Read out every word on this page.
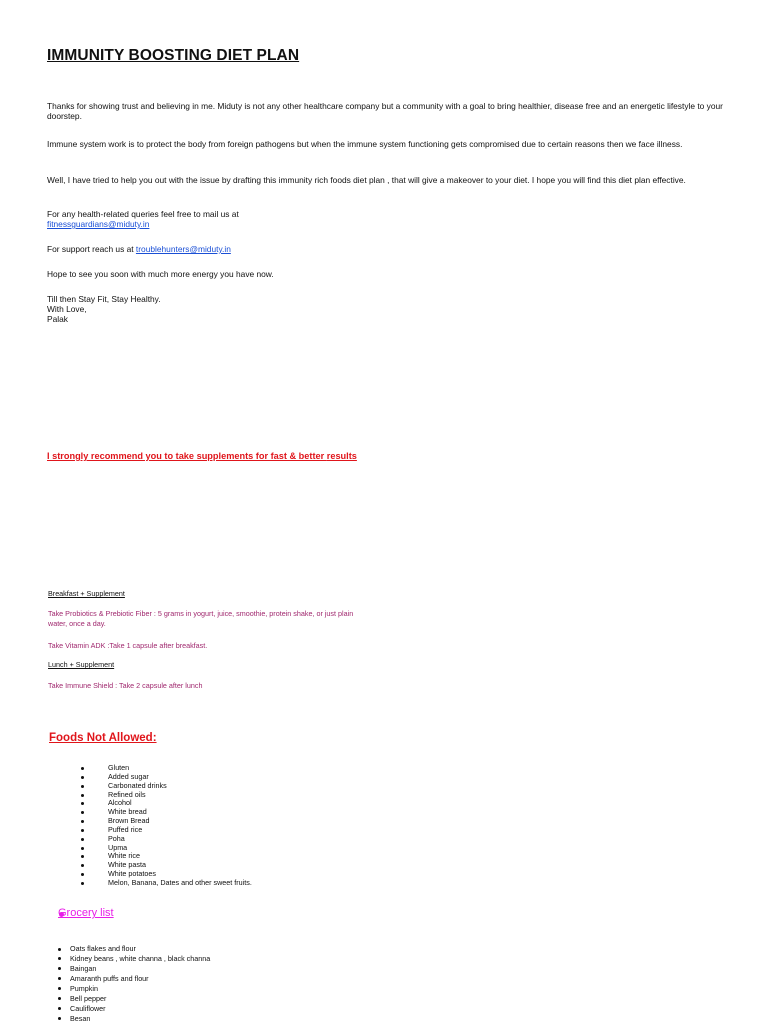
IMMUNITY BOOSTING DIET PLAN
Thanks for showing trust and believing in me. Miduty is not any other healthcare company but a community with a goal to bring healthier, disease free and an energetic lifestyle to your doorstep.
Immune system work is to protect the body from foreign pathogens but when the immune system functioning gets compromised due to certain reasons then we face illness.
Well, I have tried to help you out with the issue by drafting this immunity rich foods diet plan , that will give a makeover to your diet. I hope you will find this diet plan effective.
For any health-related queries feel free to mail us at
fitnessguardians@miduty.in
For support reach us at troublehunters@miduty.in
Hope to see you soon with much more energy you have now.
Till then Stay Fit, Stay Healthy.
With Love,
Palak
I strongly recommend you to take supplements for fast & better results
Breakfast + Supplement
Take Probiotics & Prebiotic Fiber : 5 grams in yogurt, juice, smoothie, protein shake, or just plain water, once a day.
Take Vitamin ADK :Take 1 capsule after breakfast.
Lunch + Supplement
Take Immune Shield : Take 2 capsule after lunch
Foods Not Allowed:
Gluten
Added sugar
Carbonated drinks
Refined oils
Alcohol
White bread
Brown Bread
Puffed rice
Poha
Upma
White rice
White pasta
White potatoes
Melon, Banana, Dates and other sweet fruits.
Grocery list
Oats flakes and flour
Kidney beans , white channa , black channa
Baingan
Amaranth puffs and flour
Pumpkin
Bell pepper
Cauliflower
Besan
